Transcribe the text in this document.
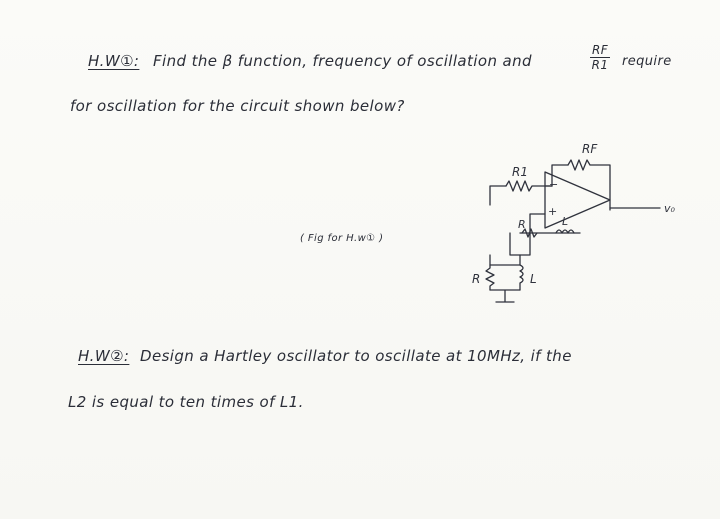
H.W①: Find the β function, frequency of oscillation and	$\frac{RF}{R1}$ require
for oscillation for the circuit shown below?
R1
RF
−
+
R	L
R	L
v₀
( Fig for H.w① )
H.W②: Design a Hartley oscillator to oscillate at 10MHz, if the
L2 is equal to ten times of L1.
